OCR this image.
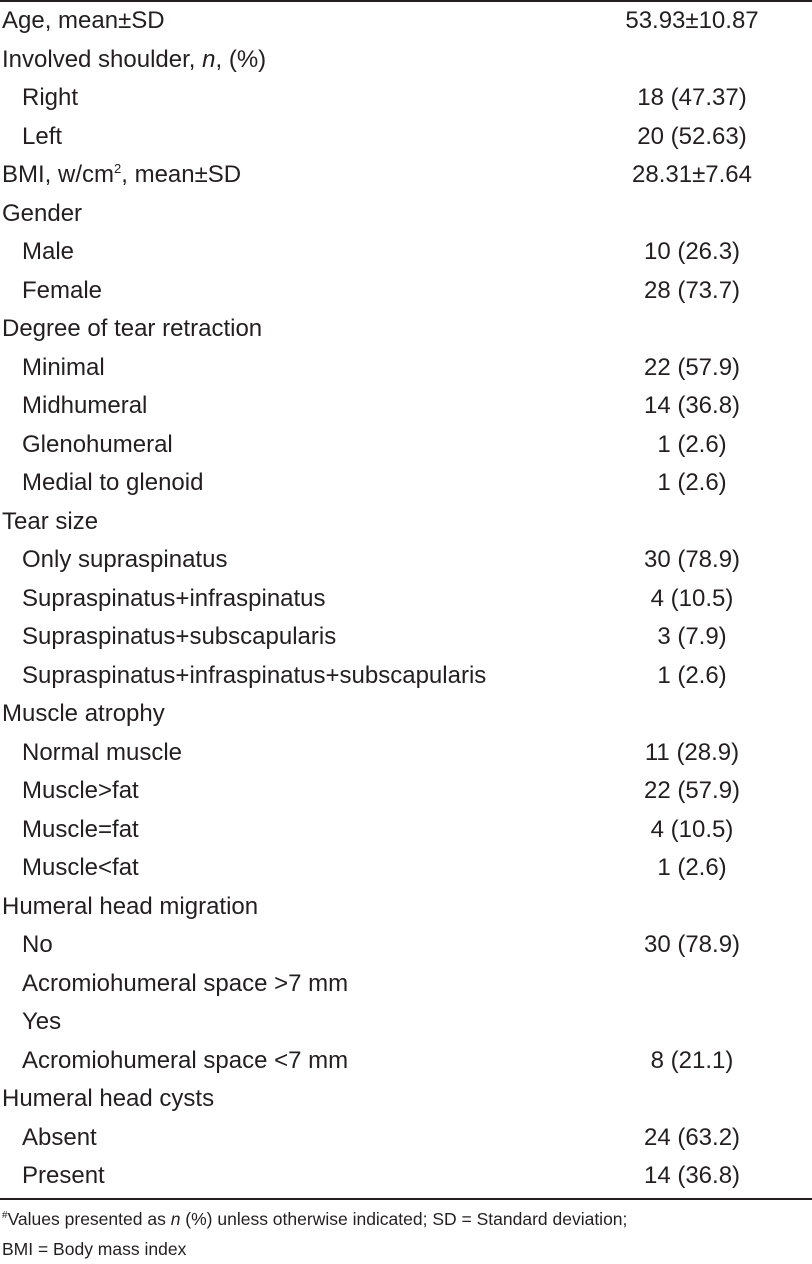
Age, mean±SD	53.93±10.87
Involved shoulder, n, (%)
Right	18 (47.37)
Left	20 (52.63)
BMI, $w/cm^2$, mean±SD	28.31±7.64
Gender
Male	10 (26.3)
Female	28 (73.7)
Degree of tear retraction
Minimal	22 (57.9)
Midhumeral	14 (36.8)
Glenohumeral	1 (2.6)
Medial to glenoid	1 (2.6)
Tear size
Only supraspinatus	30 (78.9)
Supraspinatus+infraspinatus	4 (10.5)
Supraspinatus+subscapularis	3 (7.9)
Supraspinatus+infraspinatus+subscapularis	1 (2.6)
Muscle atrophy
Normal muscle	11 (28.9)
Muscle>fat	22 (57.9)
Muscle=fat	4 (10.5)
Muscle<fat	1 (2.6)
Humeral head migration
No	30 (78.9)
Acromiohumeral space >7 mm
Yes
Acromiohumeral space <7 mm	8 (21.1)
Humeral head cysts
Absent	24 (63.2)
Present	14 (36.8)
#Values presented as n (%) unless otherwise indicated; SD = Standard deviation;
BMI = Body mass index
